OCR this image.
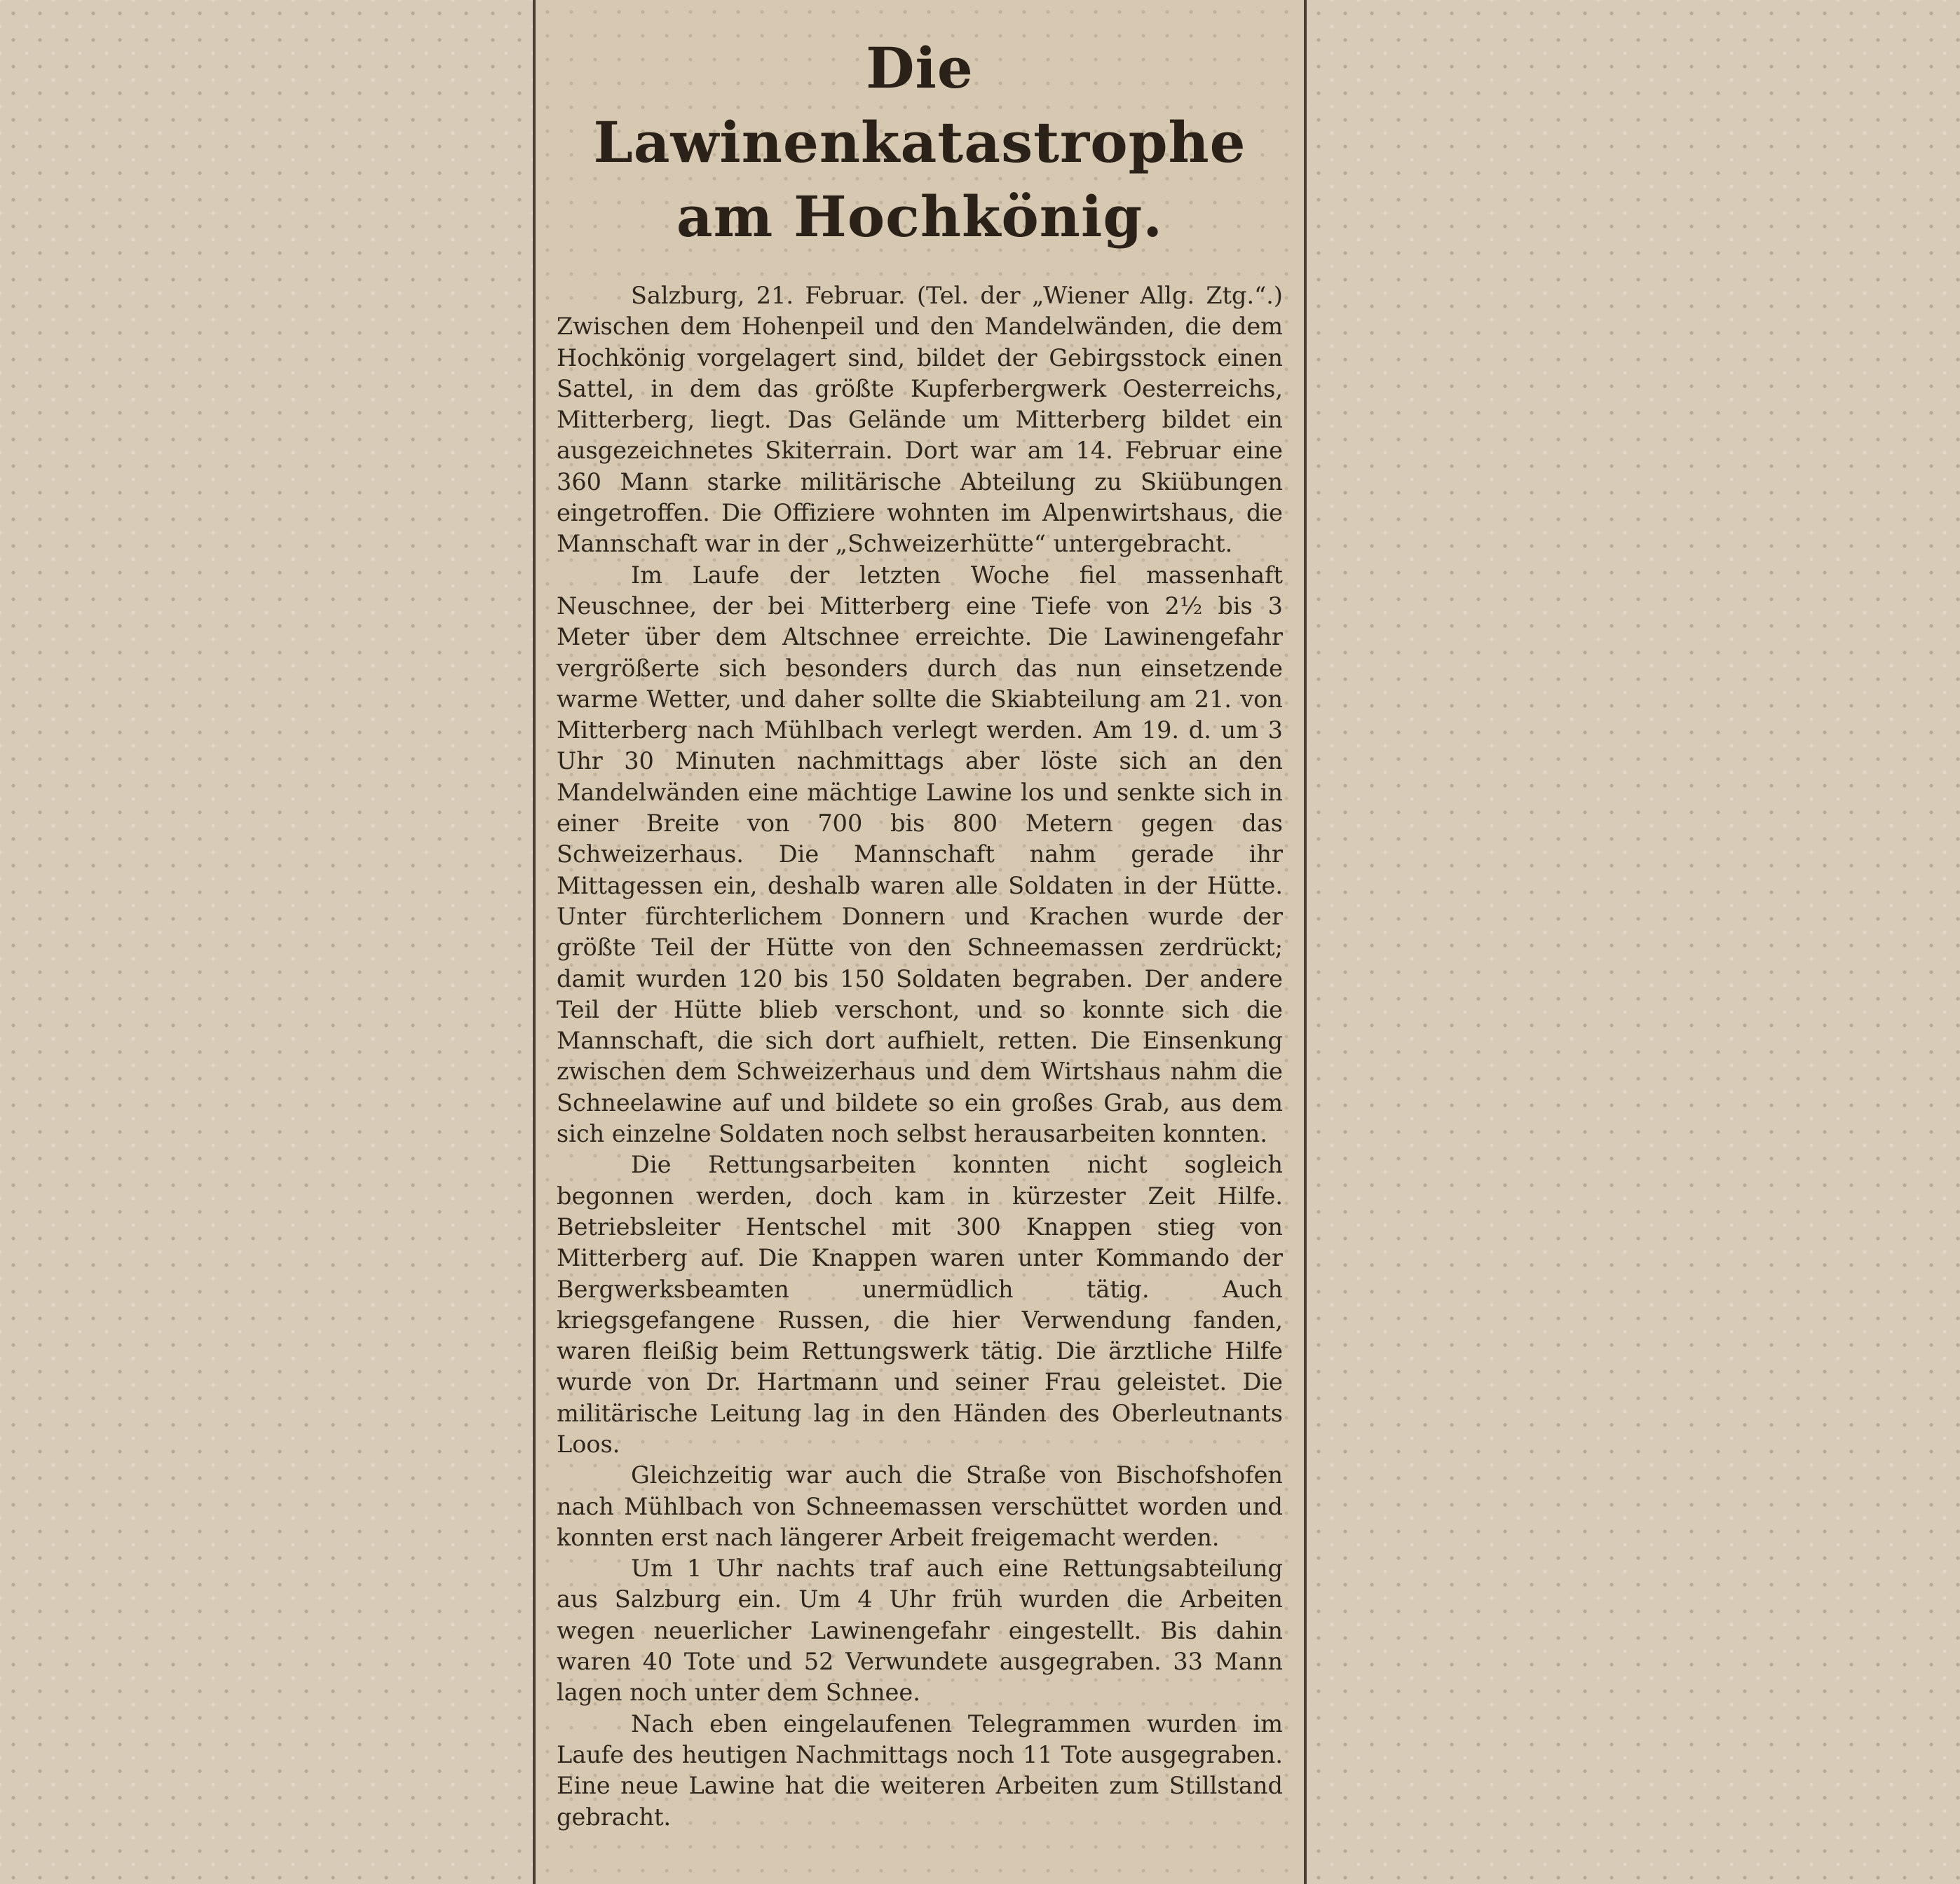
Die Lawinenkatastrophe am Hochkönig.

Salzburg, 21. Februar. (Tel. der „Wiener Allg. Ztg.“.) Zwischen dem Hohenpeil und den Mandelwänden, die dem Hochkönig vorgelagert sind, bildet der Gebirgsstock einen Sattel, in dem das größte Kupferbergwerk Oesterreichs, Mitterberg, liegt. Das Gelände um Mitterberg bildet ein ausgezeichnetes Skiterrain. Dort war am 14. Februar eine 360 Mann starke militärische Abteilung zu Skiübungen eingetroffen. Die Offiziere wohnten im Alpenwirtshaus, die Mannschaft war in der „Schweizerhütte“ untergebracht.

Im Laufe der letzten Woche fiel massenhaft Neuschnee, der bei Mitterberg eine Tiefe von 2½ bis 3 Meter über dem Altschnee erreichte. Die Lawinengefahr vergrößerte sich besonders durch das nun einsetzende warme Wetter, und daher sollte die Skiabteilung am 21. von Mitterberg nach Mühlbach verlegt werden. Am 19. d. um 3 Uhr 30 Minuten nachmittags aber löste sich an den Mandelwänden eine mächtige Lawine los und senkte sich in einer Breite von 700 bis 800 Metern gegen das Schweizerhaus. Die Mannschaft nahm gerade ihr Mittagessen ein, deshalb waren alle Soldaten in der Hütte. Unter fürchterlichem Donnern und Krachen wurde der größte Teil der Hütte von den Schneemassen zerdrückt; damit wurden 120 bis 150 Soldaten begraben. Der andere Teil der Hütte blieb verschont, und so konnte sich die Mannschaft, die sich dort aufhielt, retten. Die Einsenkung zwischen dem Schweizerhaus und dem Wirtshaus nahm die Schneelawine auf und bildete so ein großes Grab, aus dem sich einzelne Soldaten noch selbst herausarbeiten konnten.

Die Rettungsarbeiten konnten nicht sogleich begonnen werden, doch kam in kürzester Zeit Hilfe. Betriebsleiter Hentschel mit 300 Knappen stieg von Mitterberg auf. Die Knappen waren unter Kommando der Bergwerksbeamten unermüdlich tätig. Auch kriegsgefangene Russen, die hier Verwendung fanden, waren fleißig beim Rettungswerk tätig. Die ärztliche Hilfe wurde von Dr. Hartmann und seiner Frau geleistet. Die militärische Leitung lag in den Händen des Oberleutnants Loos.

Gleichzeitig war auch die Straße von Bischofshofen nach Mühlbach von Schneemassen verschüttet worden und konnten erst nach längerer Arbeit freigemacht werden.

Um 1 Uhr nachts traf auch eine Rettungsabteilung aus Salzburg ein. Um 4 Uhr früh wurden die Arbeiten wegen neuerlicher Lawinengefahr eingestellt. Bis dahin waren 40 Tote und 52 Verwundete ausgegraben. 33 Mann lagen noch unter dem Schnee.

Nach eben eingelaufenen Telegrammen wurden im Laufe des heutigen Nachmittags noch 11 Tote ausgegraben. Eine neue Lawine hat die weiteren Arbeiten zum Stillstand gebracht.
